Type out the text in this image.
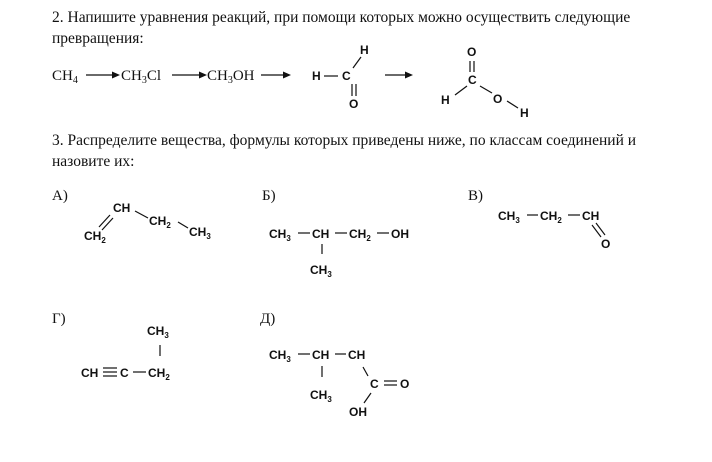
2. Напишите уравнения реакций, при помощи которых можно осуществить следующие
превращения:
3. Распределите вещества, формулы которых приведены ниже, по классам соединений и
назовите их:
А)	Б)	В)
Г)	Д)
CH4	CH3Cl	CH3OH
H
H C
O
O
C
H	O
H
CH
CH2 CH3
CH2	CH3 CH CH2 OH
CH3
CH3 CH2 CH
O
CH3
CH C CH2
CH3 CH CH
CH3
C O
OH
